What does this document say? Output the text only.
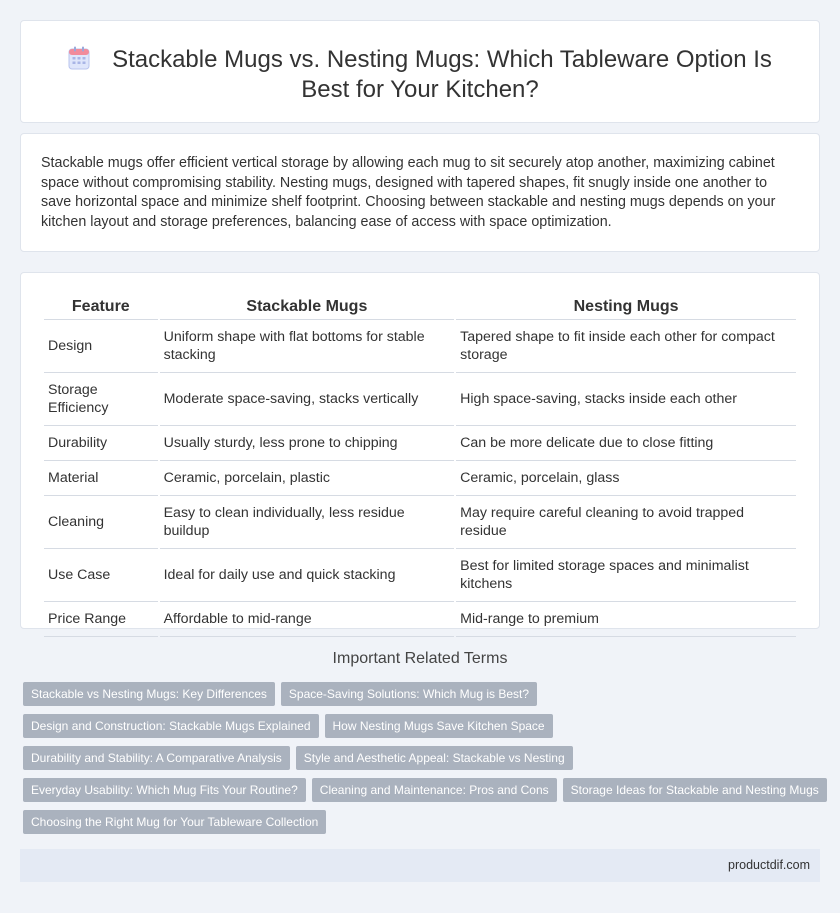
Stackable Mugs vs. Nesting Mugs: Which Tableware Option Is Best for Your Kitchen?
Stackable mugs offer efficient vertical storage by allowing each mug to sit securely atop another, maximizing cabinet space without compromising stability. Nesting mugs, designed with tapered shapes, fit snugly inside one another to save horizontal space and minimize shelf footprint. Choosing between stackable and nesting mugs depends on your kitchen layout and storage preferences, balancing ease of access with space optimization.
Feature	Stackable Mugs	Nesting Mugs
Design	Uniform shape with flat bottoms for stable stacking	Tapered shape to fit inside each other for compact storage
Storage Efficiency	Moderate space-saving, stacks vertically	High space-saving, stacks inside each other
Durability	Usually sturdy, less prone to chipping	Can be more delicate due to close fitting
Material	Ceramic, porcelain, plastic	Ceramic, porcelain, glass
Cleaning	Easy to clean individually, less residue buildup	May require careful cleaning to avoid trapped residue
Use Case	Ideal for daily use and quick stacking	Best for limited storage spaces and minimalist kitchens
Price Range	Affordable to mid-range	Mid-range to premium
Important Related Terms
Stackable vs Nesting Mugs: Key Differences Space-Saving Solutions: Which Mug is Best?
Design and Construction: Stackable Mugs Explained How Nesting Mugs Save Kitchen Space
Durability and Stability: A Comparative Analysis Style and Aesthetic Appeal: Stackable vs Nesting
Everyday Usability: Which Mug Fits Your Routine? Cleaning and Maintenance: Pros and Cons Storage Ideas for Stackable and Nesting Mugs
Choosing the Right Mug for Your Tableware Collection
productdif.com
